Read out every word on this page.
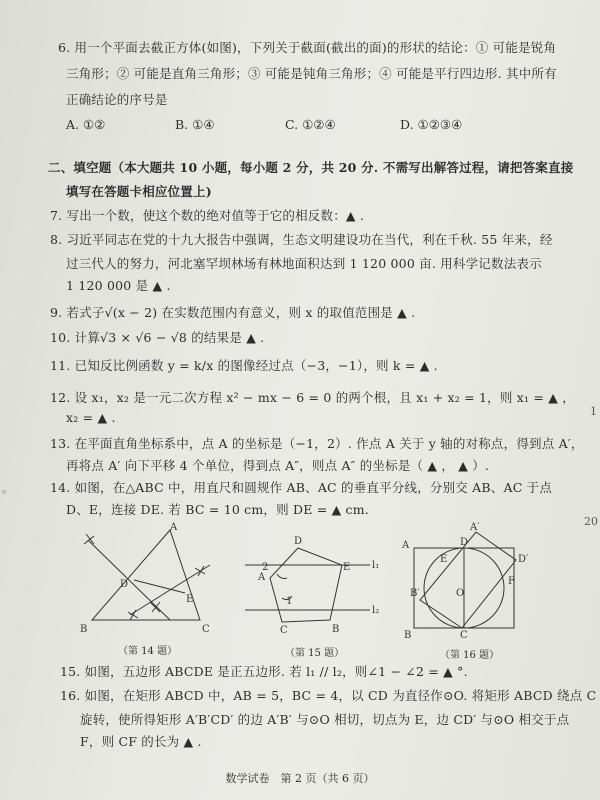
6. 用一个平面去截正方体(如图)，下列关于截面(截出的面)的形状的结论：① 可能是锐角
三角形；② 可能是直角三角形；③ 可能是钝角三角形；④ 可能是平行四边形. 其中所有
正确结论的序号是
A. ①②	B. ①④	C. ①②④	D. ①②③④
二、填空题（本大题共 10 小题，每小题 2 分，共 20 分. 不需写出解答过程，请把答案直接
填写在答题卡相应位置上)
7. 写出一个数，使这个数的绝对值等于它的相反数：▲ .
8. 习近平同志在党的十九大报告中强调，生态文明建设功在当代，利在千秋. 55 年来，经
过三代人的努力，河北塞罕坝林场有林地面积达到 1 120 000 亩. 用科学记数法表示
1 120 000 是 ▲ .
9. 若式子√(x − 2) 在实数范围内有意义，则 x 的取值范围是 ▲ .
10. 计算√3 × √6 − √8 的结果是 ▲ .
11. 已知反比例函数 y = k/x 的图像经过点（−3，−1），则 k = ▲ .
12. 设 x₁，x₂ 是一元二次方程 x² − mx − 6 = 0 的两个根，且 x₁ + x₂ = 1，则 x₁ = ▲ ，
x₂ = ▲ .
13. 在平面直角坐标系中，点 A 的坐标是（−1，2）. 作点 A 关于 y 轴的对称点，得到点 A′，
再将点 A′ 向下平移 4 个单位，得到点 A″，则点 A″ 的坐标是（ ▲ ， ▲ ）.
14. 如图，在△ABC 中，用直尺和圆规作 AB、AC 的垂直平分线，分别交 AB、AC 于点
D、E，连接 DE. 若 BC = 10 cm，则 DE = ▲ cm.
A
D
E
B	C
D
E
A
B
C
2
1
l₁
l₂
A′
D
D′
A
E
F
B′	O
B	C
（第 14 题）	（第 15 题）	（第 16 题）
15. 如图，五边形 ABCDE 是正五边形. 若 l₁ // l₂，则∠1 − ∠2 = ▲ °.
16. 如图，在矩形 ABCD 中，AB = 5，BC = 4，以 CD 为直径作⊙O. 将矩形 ABCD 绕点 C
旋转，使所得矩形 A′B′CD′ 的边 A′B′ 与⊙O 相切，切点为 E，边 CD′ 与⊙O 相交于点
F，则 CF 的长为 ▲ .
数学试卷　第 2 页（共 6 页）
1
20
。
